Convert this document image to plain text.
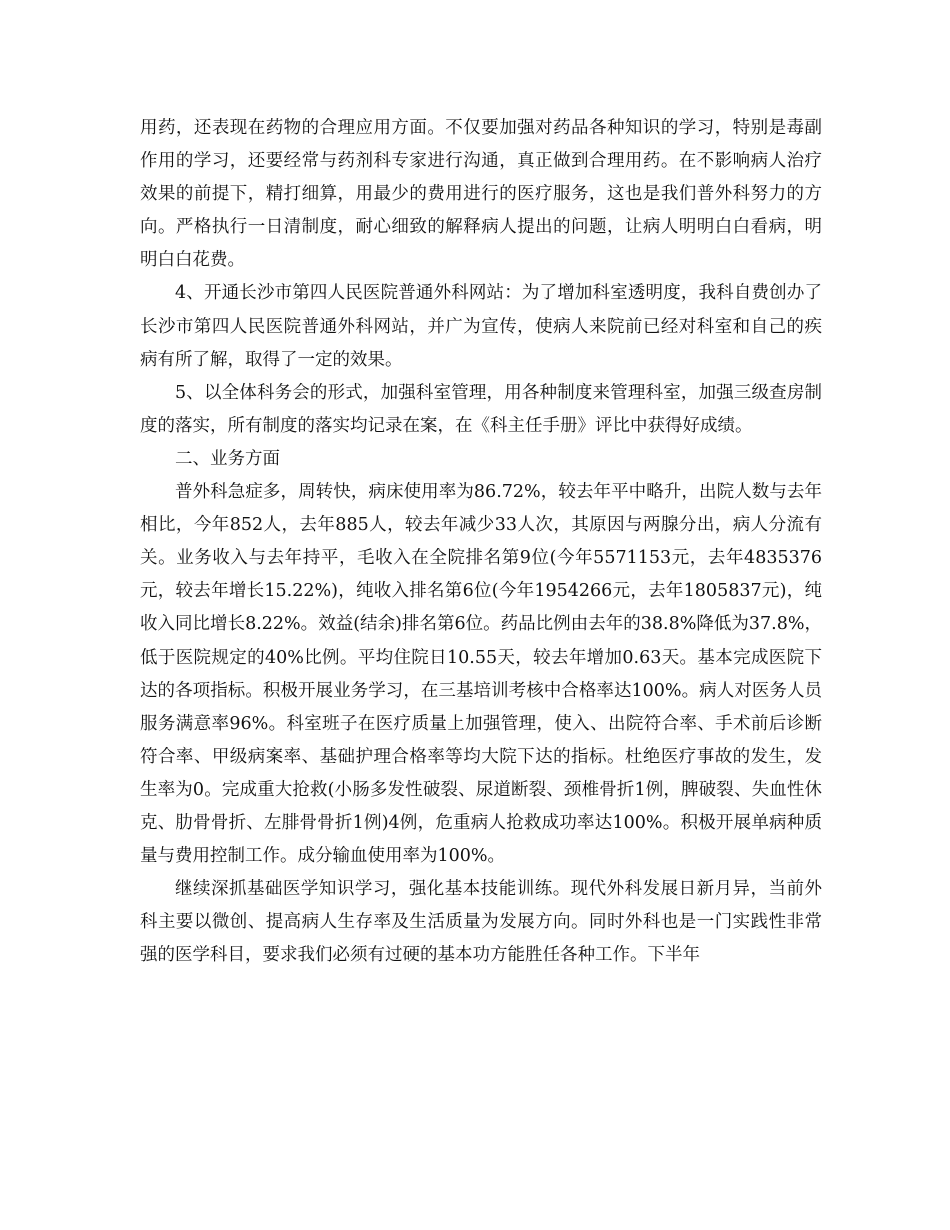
用药，还表现在药物的合理应用方面。不仅要加强对药品各种知识的学习，特别是毒副作用的学习，还要经常与药剂科专家进行沟通，真正做到合理用药。在不影响病人治疗效果的前提下，精打细算，用最少的费用进行的医疗服务，这也是我们普外科努力的方向。严格执行一日清制度，耐心细致的解释病人提出的问题，让病人明明白白看病，明明白白花费。

4、开通长沙市第四人民医院普通外科网站：为了增加科室透明度，我科自费创办了长沙市第四人民医院普通外科网站，并广为宣传，使病人来院前已经对科室和自己的疾病有所了解，取得了一定的效果。

5、以全体科务会的形式，加强科室管理，用各种制度来管理科室，加强三级查房制度的落实，所有制度的落实均记录在案，在《科主任手册》评比中获得好成绩。

二、业务方面

普外科急症多，周转快，病床使用率为86.72%，较去年平中略升，出院人数与去年相比，今年852人，去年885人，较去年减少33人次，其原因与两腺分出，病人分流有关。业务收入与去年持平，毛收入在全院排名第9位(今年5571153元，去年4835376元，较去年增长15.22%)，纯收入排名第6位(今年1954266元，去年1805837元)，纯收入同比增长8.22%。效益(结余)排名第6位。药品比例由去年的38.8%降低为37.8%，低于医院规定的40%比例。平均住院日10.55天，较去年增加0.63天。基本完成医院下达的各项指标。积极开展业务学习，在三基培训考核中合格率达100%。病人对医务人员服务满意率96%。科室班子在医疗质量上加强管理，使入、出院符合率、手术前后诊断符合率、甲级病案率、基础护理合格率等均大院下达的指标。杜绝医疗事故的发生，发生率为0。完成重大抢救(小肠多发性破裂、尿道断裂、颈椎骨折1例，脾破裂、失血性休克、肋骨骨折、左腓骨骨折1例)4例，危重病人抢救成功率达100%。积极开展单病种质量与费用控制工作。成分输血使用率为100%。

继续深抓基础医学知识学习，强化基本技能训练。现代外科发展日新月异，当前外科主要以微创、提高病人生存率及生活质量为发展方向。同时外科也是一门实践性非常强的医学科目，要求我们必须有过硬的基本功方能胜任各种工作。下半年
